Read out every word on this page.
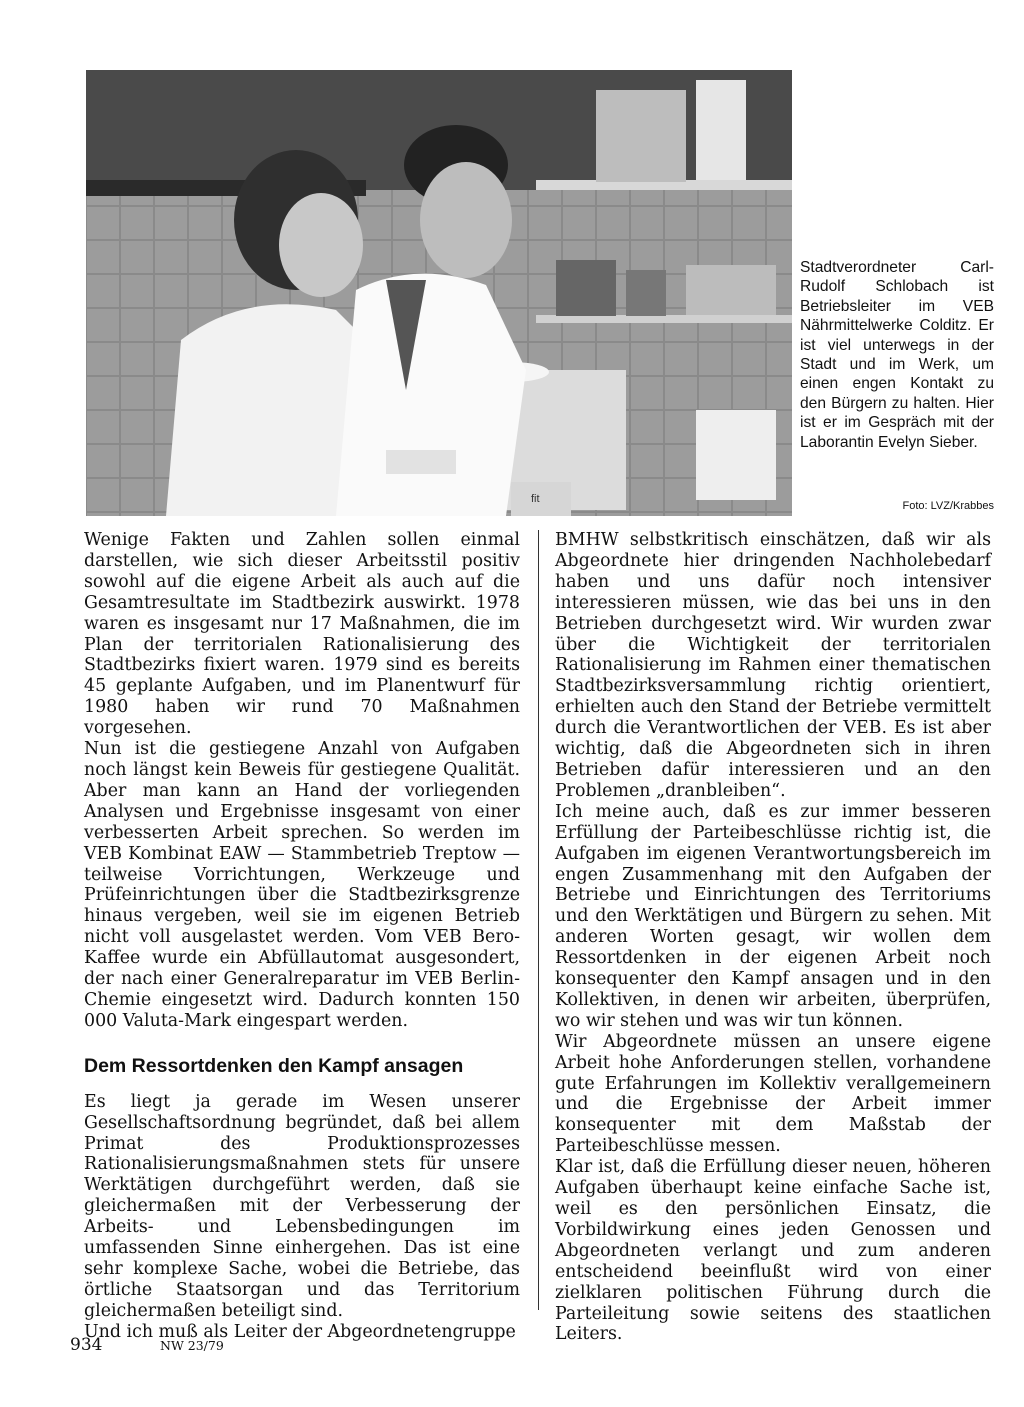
fit

Stadtverordneter Carl-Rudolf Schlobach ist Betriebsleiter im VEB Nährmittelwerke Colditz. Er ist viel unterwegs in der Stadt und im Werk, um einen engen Kontakt zu den Bürgern zu halten. Hier ist er im Gespräch mit der Laborantin Evelyn Sieber.

Foto: LVZ/Krabbes

Wenige Fakten und Zahlen sollen einmal darstellen, wie sich dieser Arbeitsstil positiv sowohl auf die eigene Arbeit als auch auf die Gesamtresultate im Stadtbezirk auswirkt. 1978 waren es insgesamt nur 17 Maßnahmen, die im Plan der territorialen Rationalisierung des Stadtbezirks fixiert waren. 1979 sind es bereits 45 geplante Aufgaben, und im Planentwurf für 1980 haben wir rund 70 Maßnahmen vorgesehen.

Nun ist die gestiegene Anzahl von Aufgaben noch längst kein Beweis für gestiegene Qualität. Aber man kann an Hand der vorliegenden Analysen und Ergebnisse insgesamt von einer verbesserten Arbeit sprechen. So werden im VEB Kombinat EAW — Stammbetrieb Treptow — teilweise Vorrichtungen, Werkzeuge und Prüfeinrichtungen über die Stadtbezirksgrenze hinaus vergeben, weil sie im eigenen Betrieb nicht voll ausgelastet werden. Vom VEB Bero-Kaffee wurde ein Abfüllautomat ausgesondert, der nach einer Generalreparatur im VEB Berlin-Chemie eingesetzt wird. Dadurch konnten 150 000 Valuta-Mark eingespart werden.

Dem Ressortdenken den Kampf ansagen

Es liegt ja gerade im Wesen unserer Gesellschaftsordnung begründet, daß bei allem Primat des Produktionsprozesses Rationalisierungsmaßnahmen stets für unsere Werktätigen durchgeführt werden, daß sie gleichermaßen mit der Verbesserung der Arbeits- und Lebensbedingungen im umfassenden Sinne einhergehen. Das ist eine sehr komplexe Sache, wobei die Betriebe, das örtliche Staatsorgan und das Territorium gleichermaßen beteiligt sind.

Und ich muß als Leiter der Abgeordnetengruppe

BMHW selbstkritisch einschätzen, daß wir als Abgeordnete hier dringenden Nachholebedarf haben und uns dafür noch intensiver interessieren müssen, wie das bei uns in den Betrieben durchgesetzt wird. Wir wurden zwar über die Wichtigkeit der territorialen Rationalisierung im Rahmen einer thematischen Stadtbezirksversammlung richtig orientiert, erhielten auch den Stand der Betriebe vermittelt durch die Verantwortlichen der VEB. Es ist aber wichtig, daß die Abgeordneten sich in ihren Betrieben dafür interessieren und an den Problemen „dranbleiben“.

Ich meine auch, daß es zur immer besseren Erfüllung der Parteibeschlüsse richtig ist, die Aufgaben im eigenen Verantwortungsbereich im engen Zusammenhang mit den Aufgaben der Betriebe und Einrichtungen des Territoriums und den Werktätigen und Bürgern zu sehen. Mit anderen Worten gesagt, wir wollen dem Ressortdenken in der eigenen Arbeit noch konsequenter den Kampf ansagen und in den Kollektiven, in denen wir arbeiten, überprüfen, wo wir stehen und was wir tun können.

Wir Abgeordnete müssen an unsere eigene Arbeit hohe Anforderungen stellen, vorhandene gute Erfahrungen im Kollektiv verallgemeinern und die Ergebnisse der Arbeit immer konsequenter mit dem Maßstab der Parteibeschlüsse messen.

Klar ist, daß die Erfüllung dieser neuen, höheren Aufgaben überhaupt keine einfache Sache ist, weil es den persönlichen Einsatz, die Vorbildwirkung eines jeden Genossen und Abgeordneten verlangt und zum anderen entscheidend beeinflußt wird von einer zielklaren politischen Führung durch die Parteileitung sowie seitens des staatlichen Leiters.

934	NW 23/79
